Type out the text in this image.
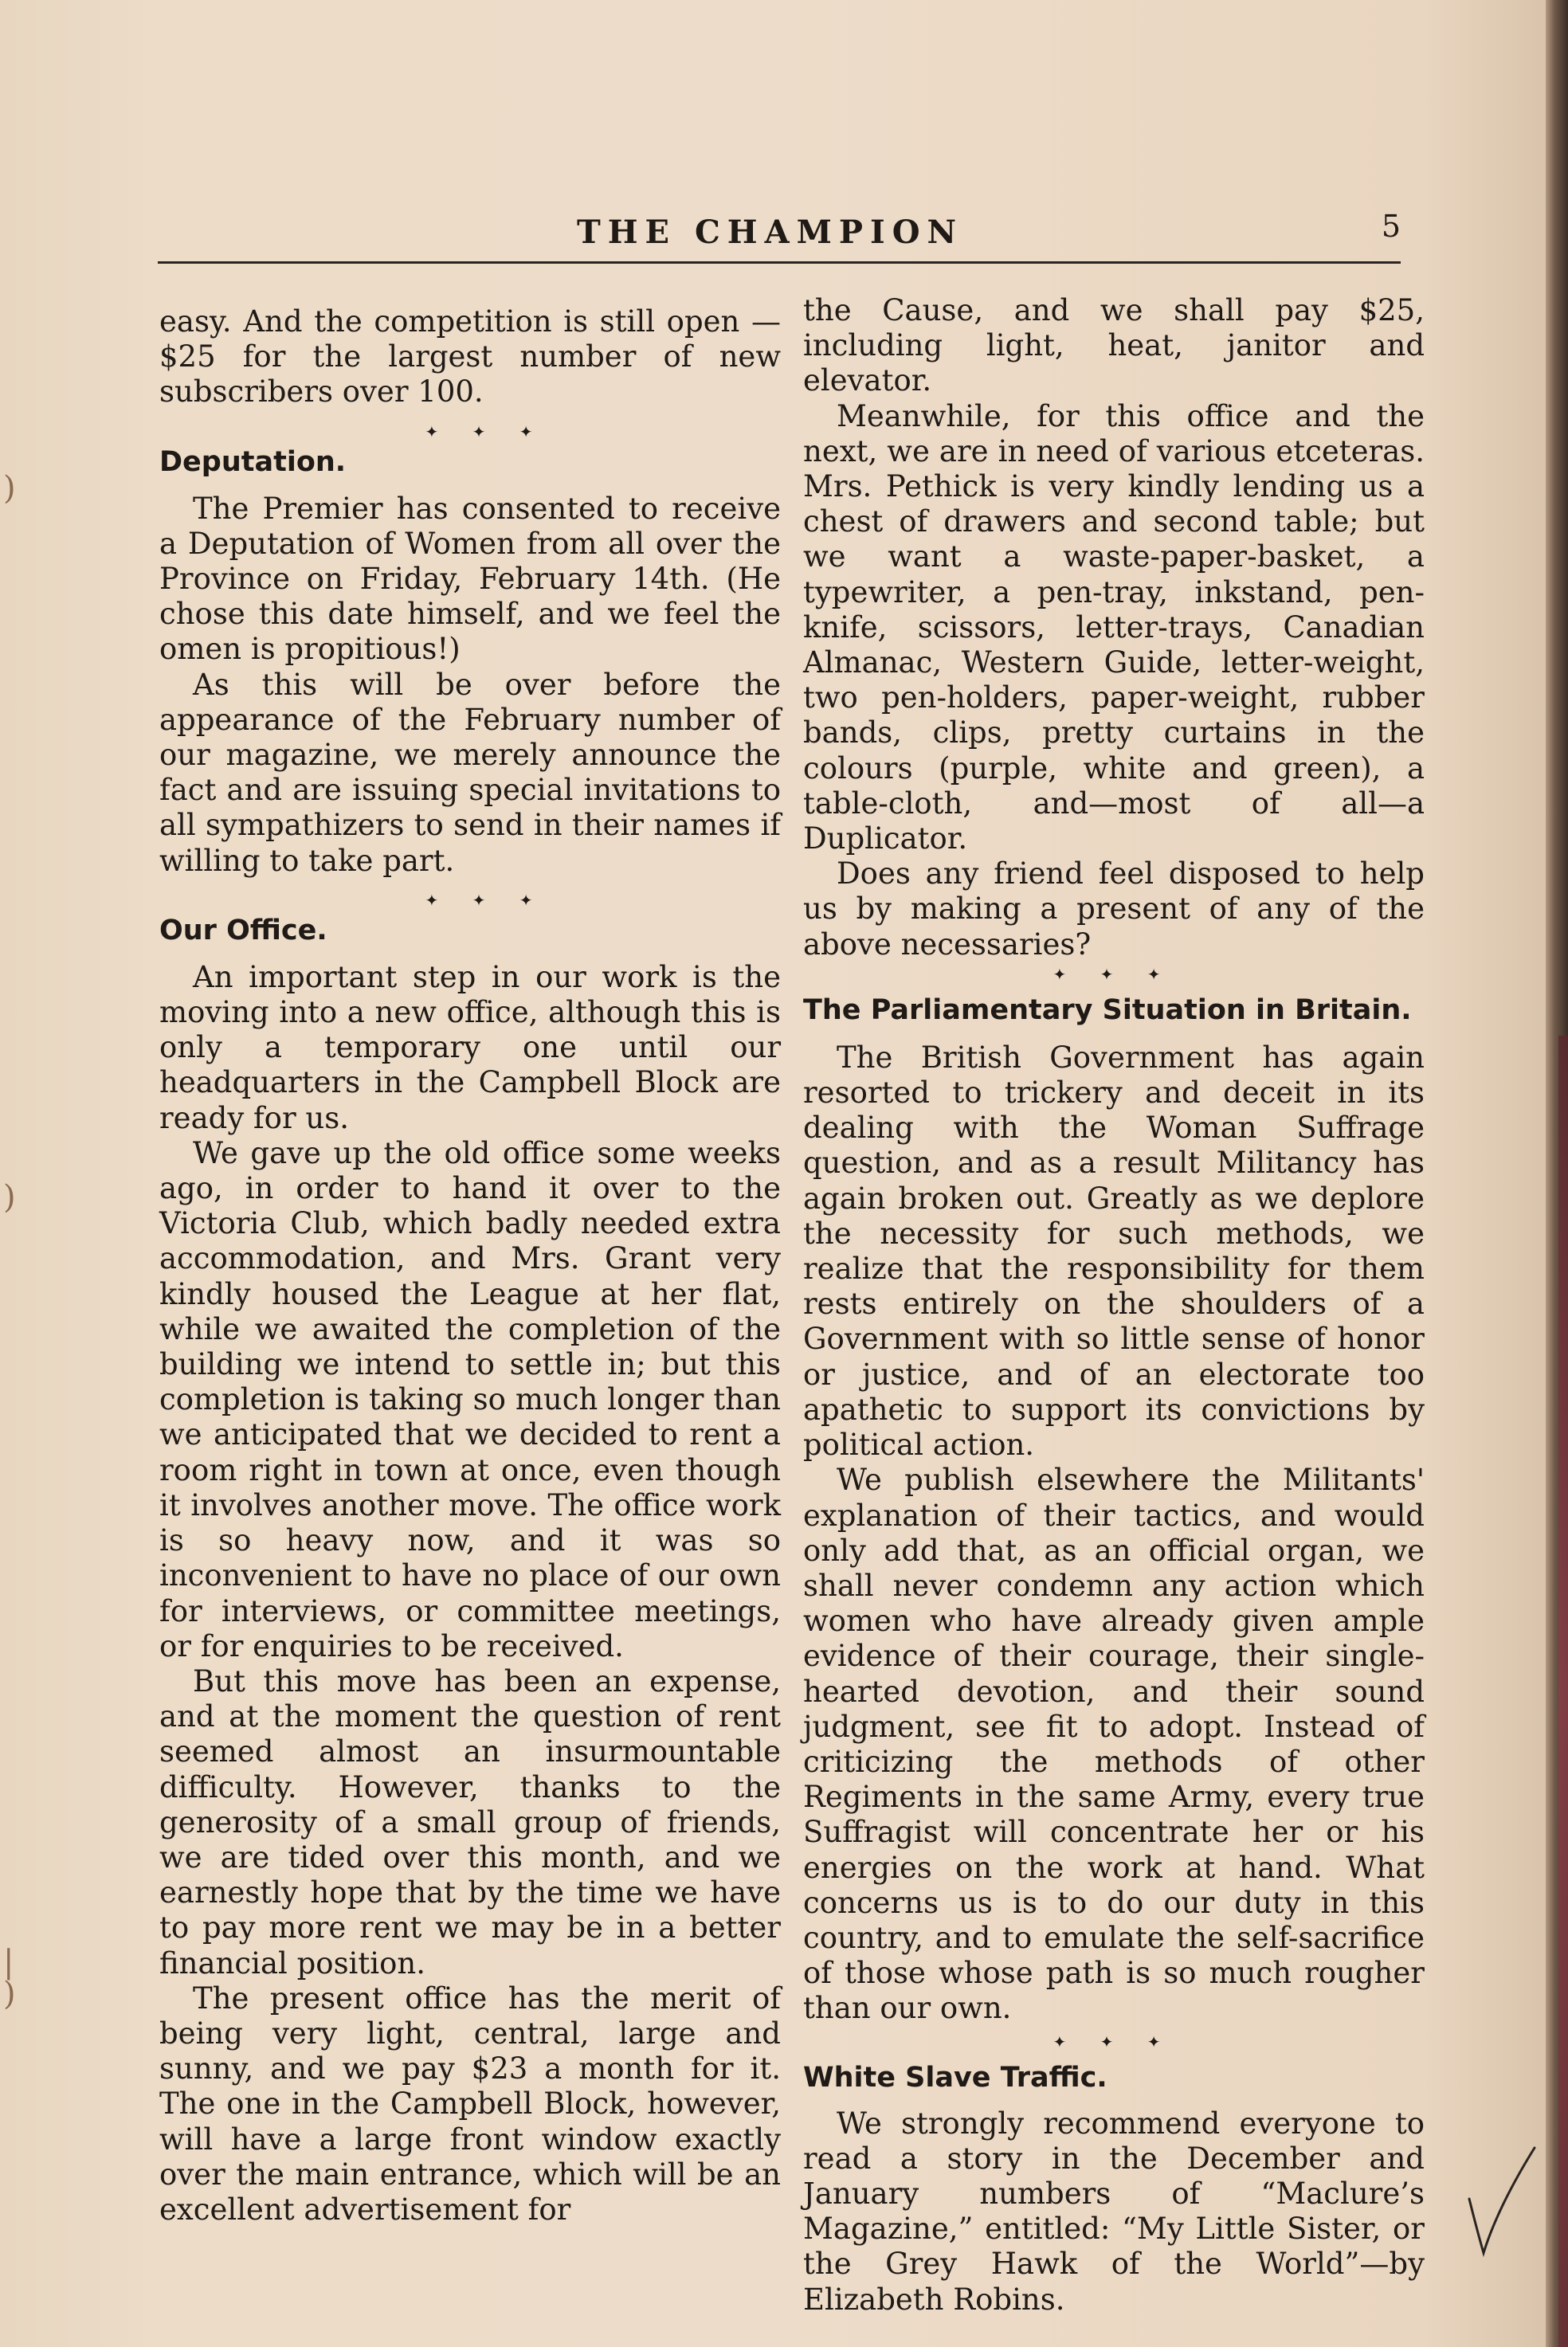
)
)
|
)
THE CHAMPION	5

easy. And the competition is still open —$25 for the largest number of new subscribers over 100.

✦ ✦ ✦
Deputation.

The Premier has consented to receive a Deputation of Women from all over the Province on Friday, February 14th. (He chose this date himself, and we feel the omen is propitious!)

As this will be over before the appearance of the February number of our magazine, we merely announce the fact and are issuing special invitations to all sympathizers to send in their names if willing to take part.

✦ ✦ ✦
Our Office.

An important step in our work is the moving into a new office, although this is only a temporary one until our headquarters in the Campbell Block are ready for us.

We gave up the old office some weeks ago, in order to hand it over to the Victoria Club, which badly needed extra accommodation, and Mrs. Grant very kindly housed the League at her flat, while we awaited the completion of the building we intend to settle in; but this completion is taking so much longer than we anticipated that we decided to rent a room right in town at once, even though it involves another move. The office work is so heavy now, and it was so inconvenient to have no place of our own for interviews, or committee meetings, or for enquiries to be received.

But this move has been an expense, and at the moment the question of rent seemed almost an insurmountable difficulty. However, thanks to the generosity of a small group of friends, we are tided over this month, and we earnestly hope that by the time we have to pay more rent we may be in a better financial position.

The present office has the merit of being very light, central, large and sunny, and we pay $23 a month for it. The one in the Campbell Block, however, will have a large front window exactly over the main entrance, which will be an excellent advertisement for

the Cause, and we shall pay $25, including light, heat, janitor and elevator.

Meanwhile, for this office and the next, we are in need of various etceteras. Mrs. Pethick is very kindly lending us a chest of drawers and second table; but we want a waste-paper-basket, a typewriter, a pen-tray, inkstand, pen-knife, scissors, letter-trays, Canadian Almanac, Western Guide, letter-weight, two pen-holders, paper-weight, rubber bands, clips, pretty curtains in the colours (purple, white and green), a table-cloth, and—most of all—a Duplicator.

Does any friend feel disposed to help us by making a present of any of the above necessaries?

✦ ✦ ✦
The Parliamentary Situation in Britain.

The British Government has again resorted to trickery and deceit in its dealing with the Woman Suffrage question, and as a result Militancy has again broken out. Greatly as we deplore the necessity for such methods, we realize that the responsibility for them rests entirely on the shoulders of a Government with so little sense of honor or justice, and of an electorate too apathetic to support its convictions by political action.

We publish elsewhere the Militants' explanation of their tactics, and would only add that, as an official organ, we shall never condemn any action which women who have already given ample evidence of their courage, their single-hearted devotion, and their sound judgment, see fit to adopt. Instead of criticizing the methods of other Regiments in the same Army, every true Suffragist will concentrate her or his energies on the work at hand. What concerns us is to do our duty in this country, and to emulate the self-sacrifice of those whose path is so much rougher than our own.

✦ ✦ ✦
White Slave Traffic.

We strongly recommend everyone to read a story in the December and January numbers of “Maclure’s Magazine,” entitled: “My Little Sister, or the Grey Hawk of the World”—by Elizabeth Robins.
